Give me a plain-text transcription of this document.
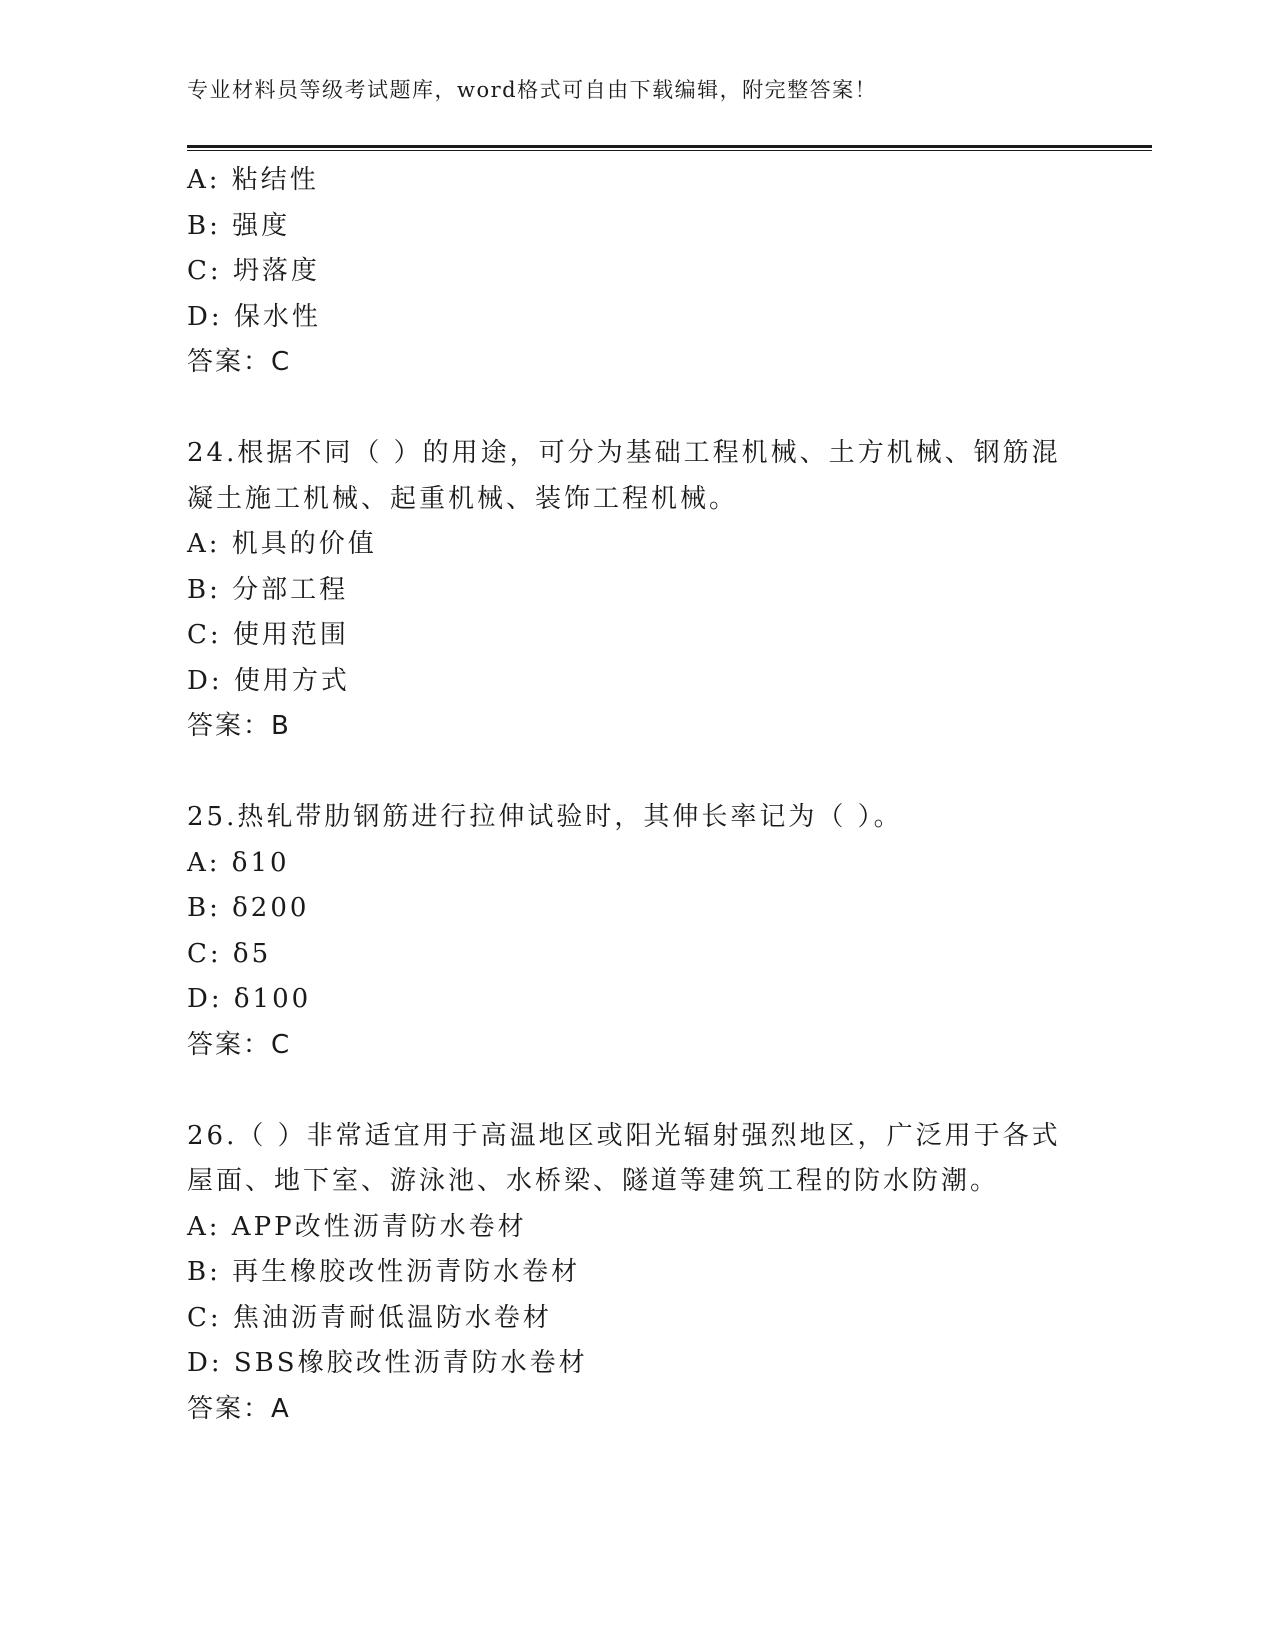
专业材料员等级考试题库，word格式可自由下载编辑，附完整答案！
A: 粘结性
B: 强度
C: 坍落度
D: 保水性
答案：C
24.根据不同（ ）的用途，可分为基础工程机械、土方机械、钢筋混
凝土施工机械、起重机械、装饰工程机械。
A: 机具的价值
B: 分部工程
C: 使用范围
D: 使用方式
答案：B
25.热轧带肋钢筋进行拉伸试验时，其伸长率记为（ ）。
A: δ10
B: δ200
C: δ5
D: δ100
答案：C
26.（ ）非常适宜用于高温地区或阳光辐射强烈地区，广泛用于各式
屋面、地下室、游泳池、水桥梁、隧道等建筑工程的防水防潮。
A: APP改性沥青防水卷材
B: 再生橡胶改性沥青防水卷材
C: 焦油沥青耐低温防水卷材
D: SBS橡胶改性沥青防水卷材
答案：A
